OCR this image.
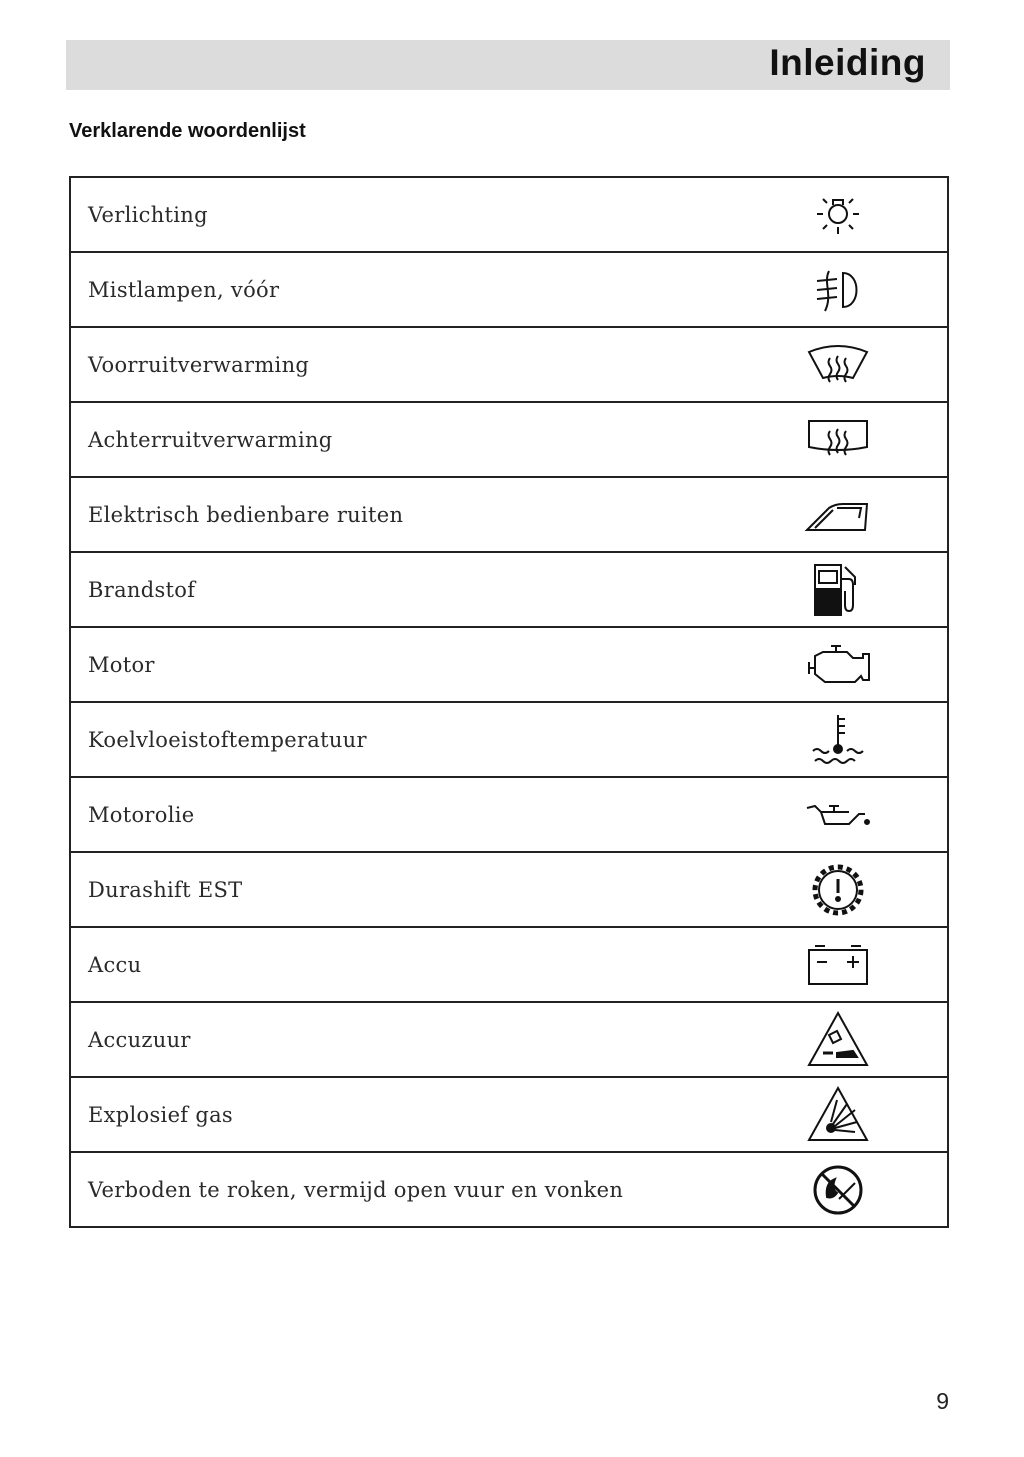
Inleiding
Verklarende woordenlijst
Verlichting
Mistlampen, vóór
Voorruitverwarming
Achterruitverwarming
Elektrisch bedienbare ruiten
Brandstof
Motor
Koelvloeistoftemperatuur
Motorolie
Durashift EST
Accu
Accuzuur
Explosief gas
Verboden te roken, vermijd open vuur en vonken
9
